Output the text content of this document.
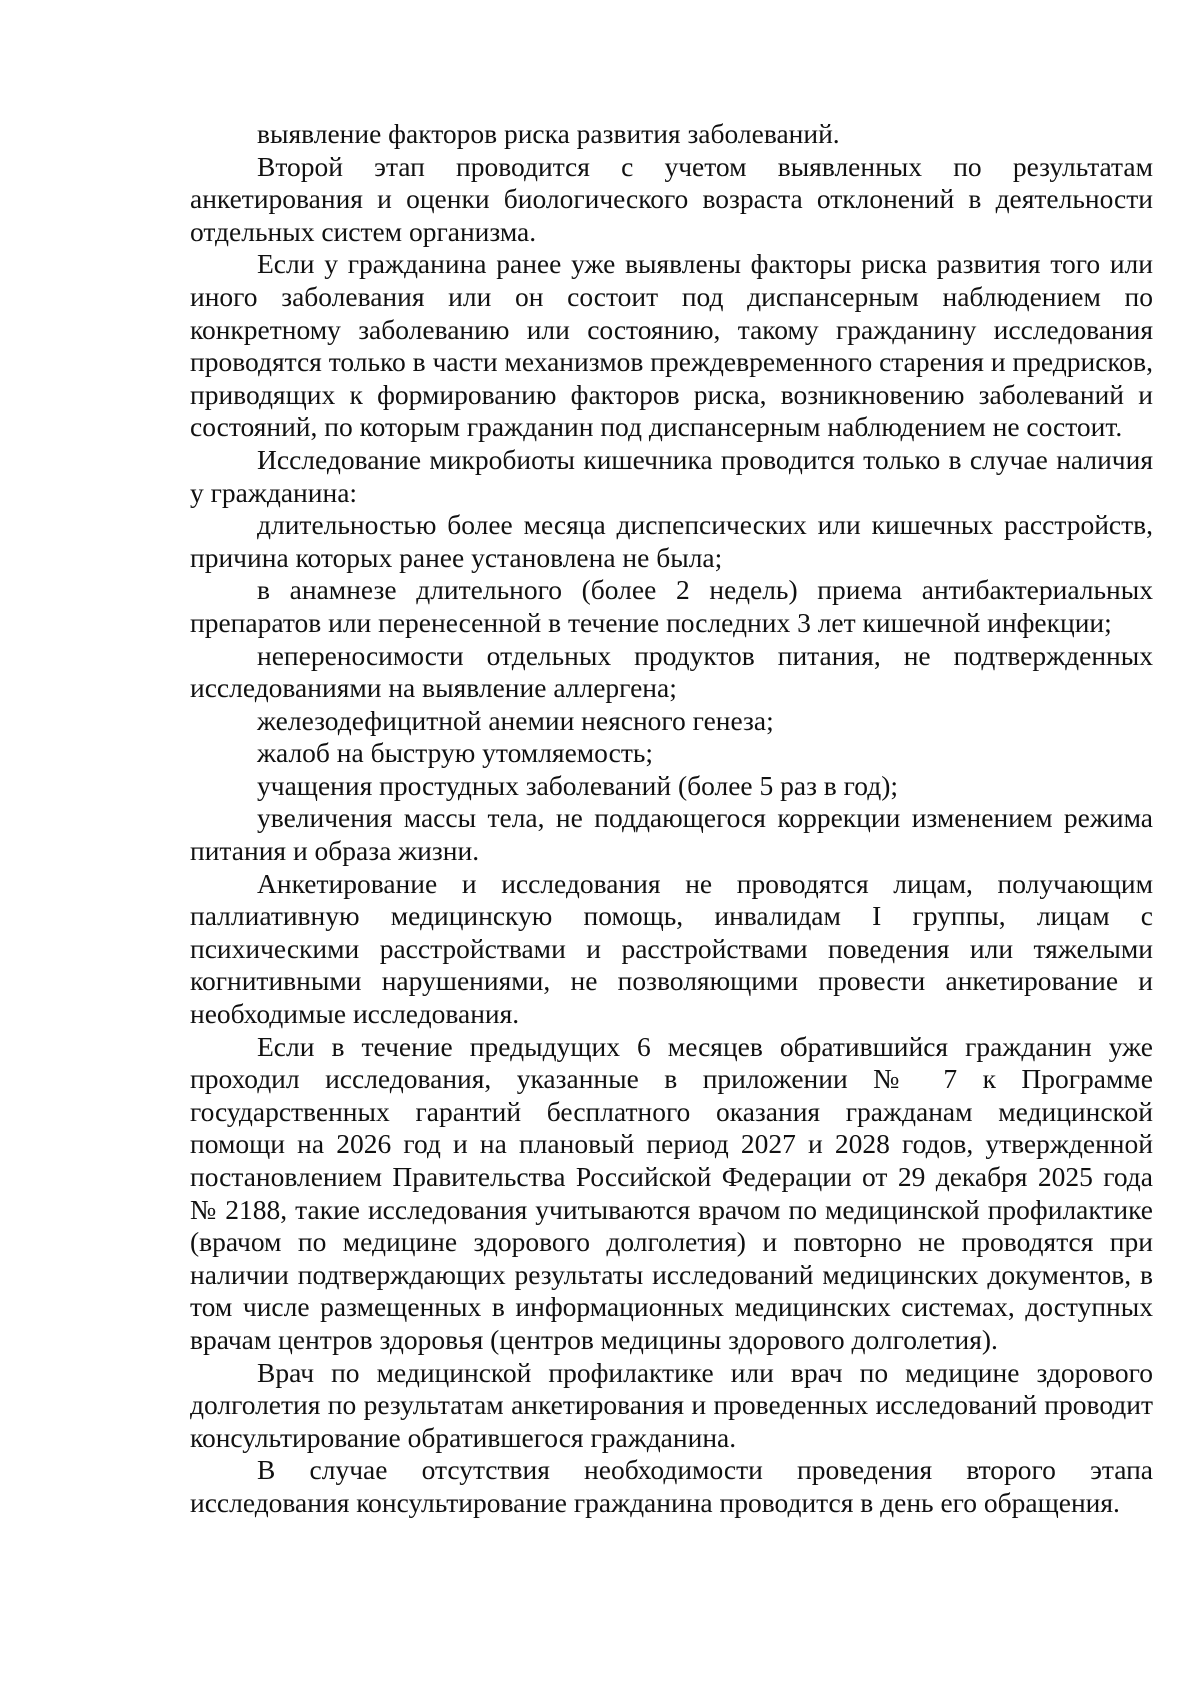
выявление факторов риска развития заболеваний.

Второй этап проводится с учетом выявленных по результатам анкетирования и оценки биологического возраста отклонений в деятельности отдельных систем организма.

Если у гражданина ранее уже выявлены факторы риска развития того или иного заболевания или он состоит под диспансерным наблюдением по конкретному заболеванию или состоянию, такому гражданину исследования проводятся только в части механизмов преждевременного старения и предрисков, приводящих к формированию факторов риска, возникновению заболеваний и состояний, по которым гражданин под диспансерным наблюдением не состоит.

Исследование микробиоты кишечника проводится только в случае наличия у гражданина:

длительностью более месяца диспепсических или кишечных расстройств, причина которых ранее установлена не была;

в анамнезе длительного (более 2 недель) приема антибактериальных препаратов или перенесенной в течение последних 3 лет кишечной инфекции;

непереносимости отдельных продуктов питания, не подтвержденных исследованиями на выявление аллергена;

железодефицитной анемии неясного генеза;

жалоб на быструю утомляемость;

учащения простудных заболеваний (более 5 раз в год);

увеличения массы тела, не поддающегося коррекции изменением режима питания и образа жизни.

Анкетирование и исследования не проводятся лицам, получающим паллиативную медицинскую помощь, инвалидам I группы, лицам с психическими расстройствами и расстройствами поведения или тяжелыми когнитивными нарушениями, не позволяющими провести анкетирование и необходимые исследования.

Если в течение предыдущих 6 месяцев обратившийся гражданин уже проходил исследования, указанные в приложении № 7 к Программе государственных гарантий бесплатного оказания гражданам медицинской помощи на 2026 год и на плановый период 2027 и 2028 годов, утвержденной постановлением Правительства Российской Федерации от 29 декабря 2025 года № 2188, такие исследования учитываются врачом по медицинской профилактике (врачом по медицине здорового долголетия) и повторно не проводятся при наличии подтверждающих результаты исследований медицинских документов, в том числе размещенных в информационных медицинских системах, доступных врачам центров здоровья (центров медицины здорового долголетия).

Врач по медицинской профилактике или врач по медицине здорового долголетия по результатам анкетирования и проведенных исследований проводит консультирование обратившегося гражданина.

В случае отсутствия необходимости проведения второго этапа исследования консультирование гражданина проводится в день его обращения.
